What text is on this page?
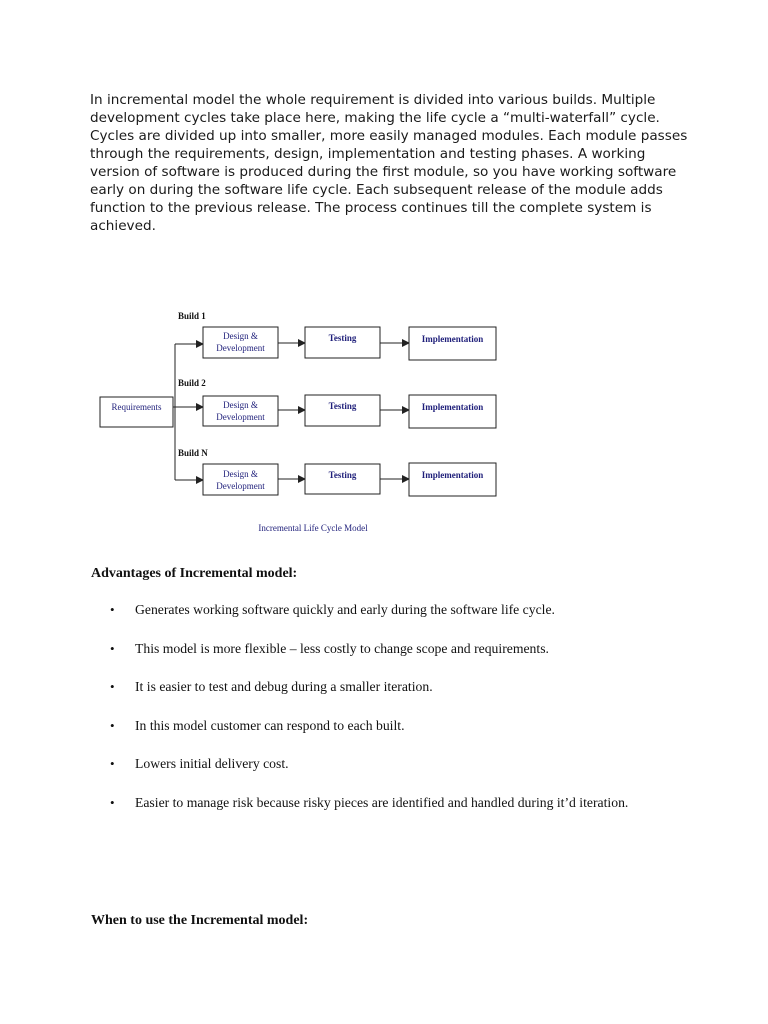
In incremental model the whole requirement is divided into various builds. Multiple development cycles take place here, making the life cycle a “multi-waterfall” cycle. Cycles are divided up into smaller, more easily managed modules. Each module passes through the requirements, design, implementation and testing phases. A working version of software is produced during the first module, so you have working software early on during the software life cycle. Each subsequent release of the module adds function to the previous release. The process continues till the complete system is achieved.

Requirements
Build 1
Design &
Development
Testing	Implementation
Build 2
Design &
Development
Testing	Implementation
Build N
Design &
Development
Testing	Implementation
Incremental Life Cycle Model
Advantages of Incremental model:
• Generates working software quickly and early during the software life cycle.
• This model is more flexible – less costly to change scope and requirements.
• It is easier to test and debug during a smaller iteration.
• In this model customer can respond to each built.
• Lowers initial delivery cost.
• Easier to manage risk because risky pieces are identified and handled during it’d iteration.
When to use the Incremental model:
